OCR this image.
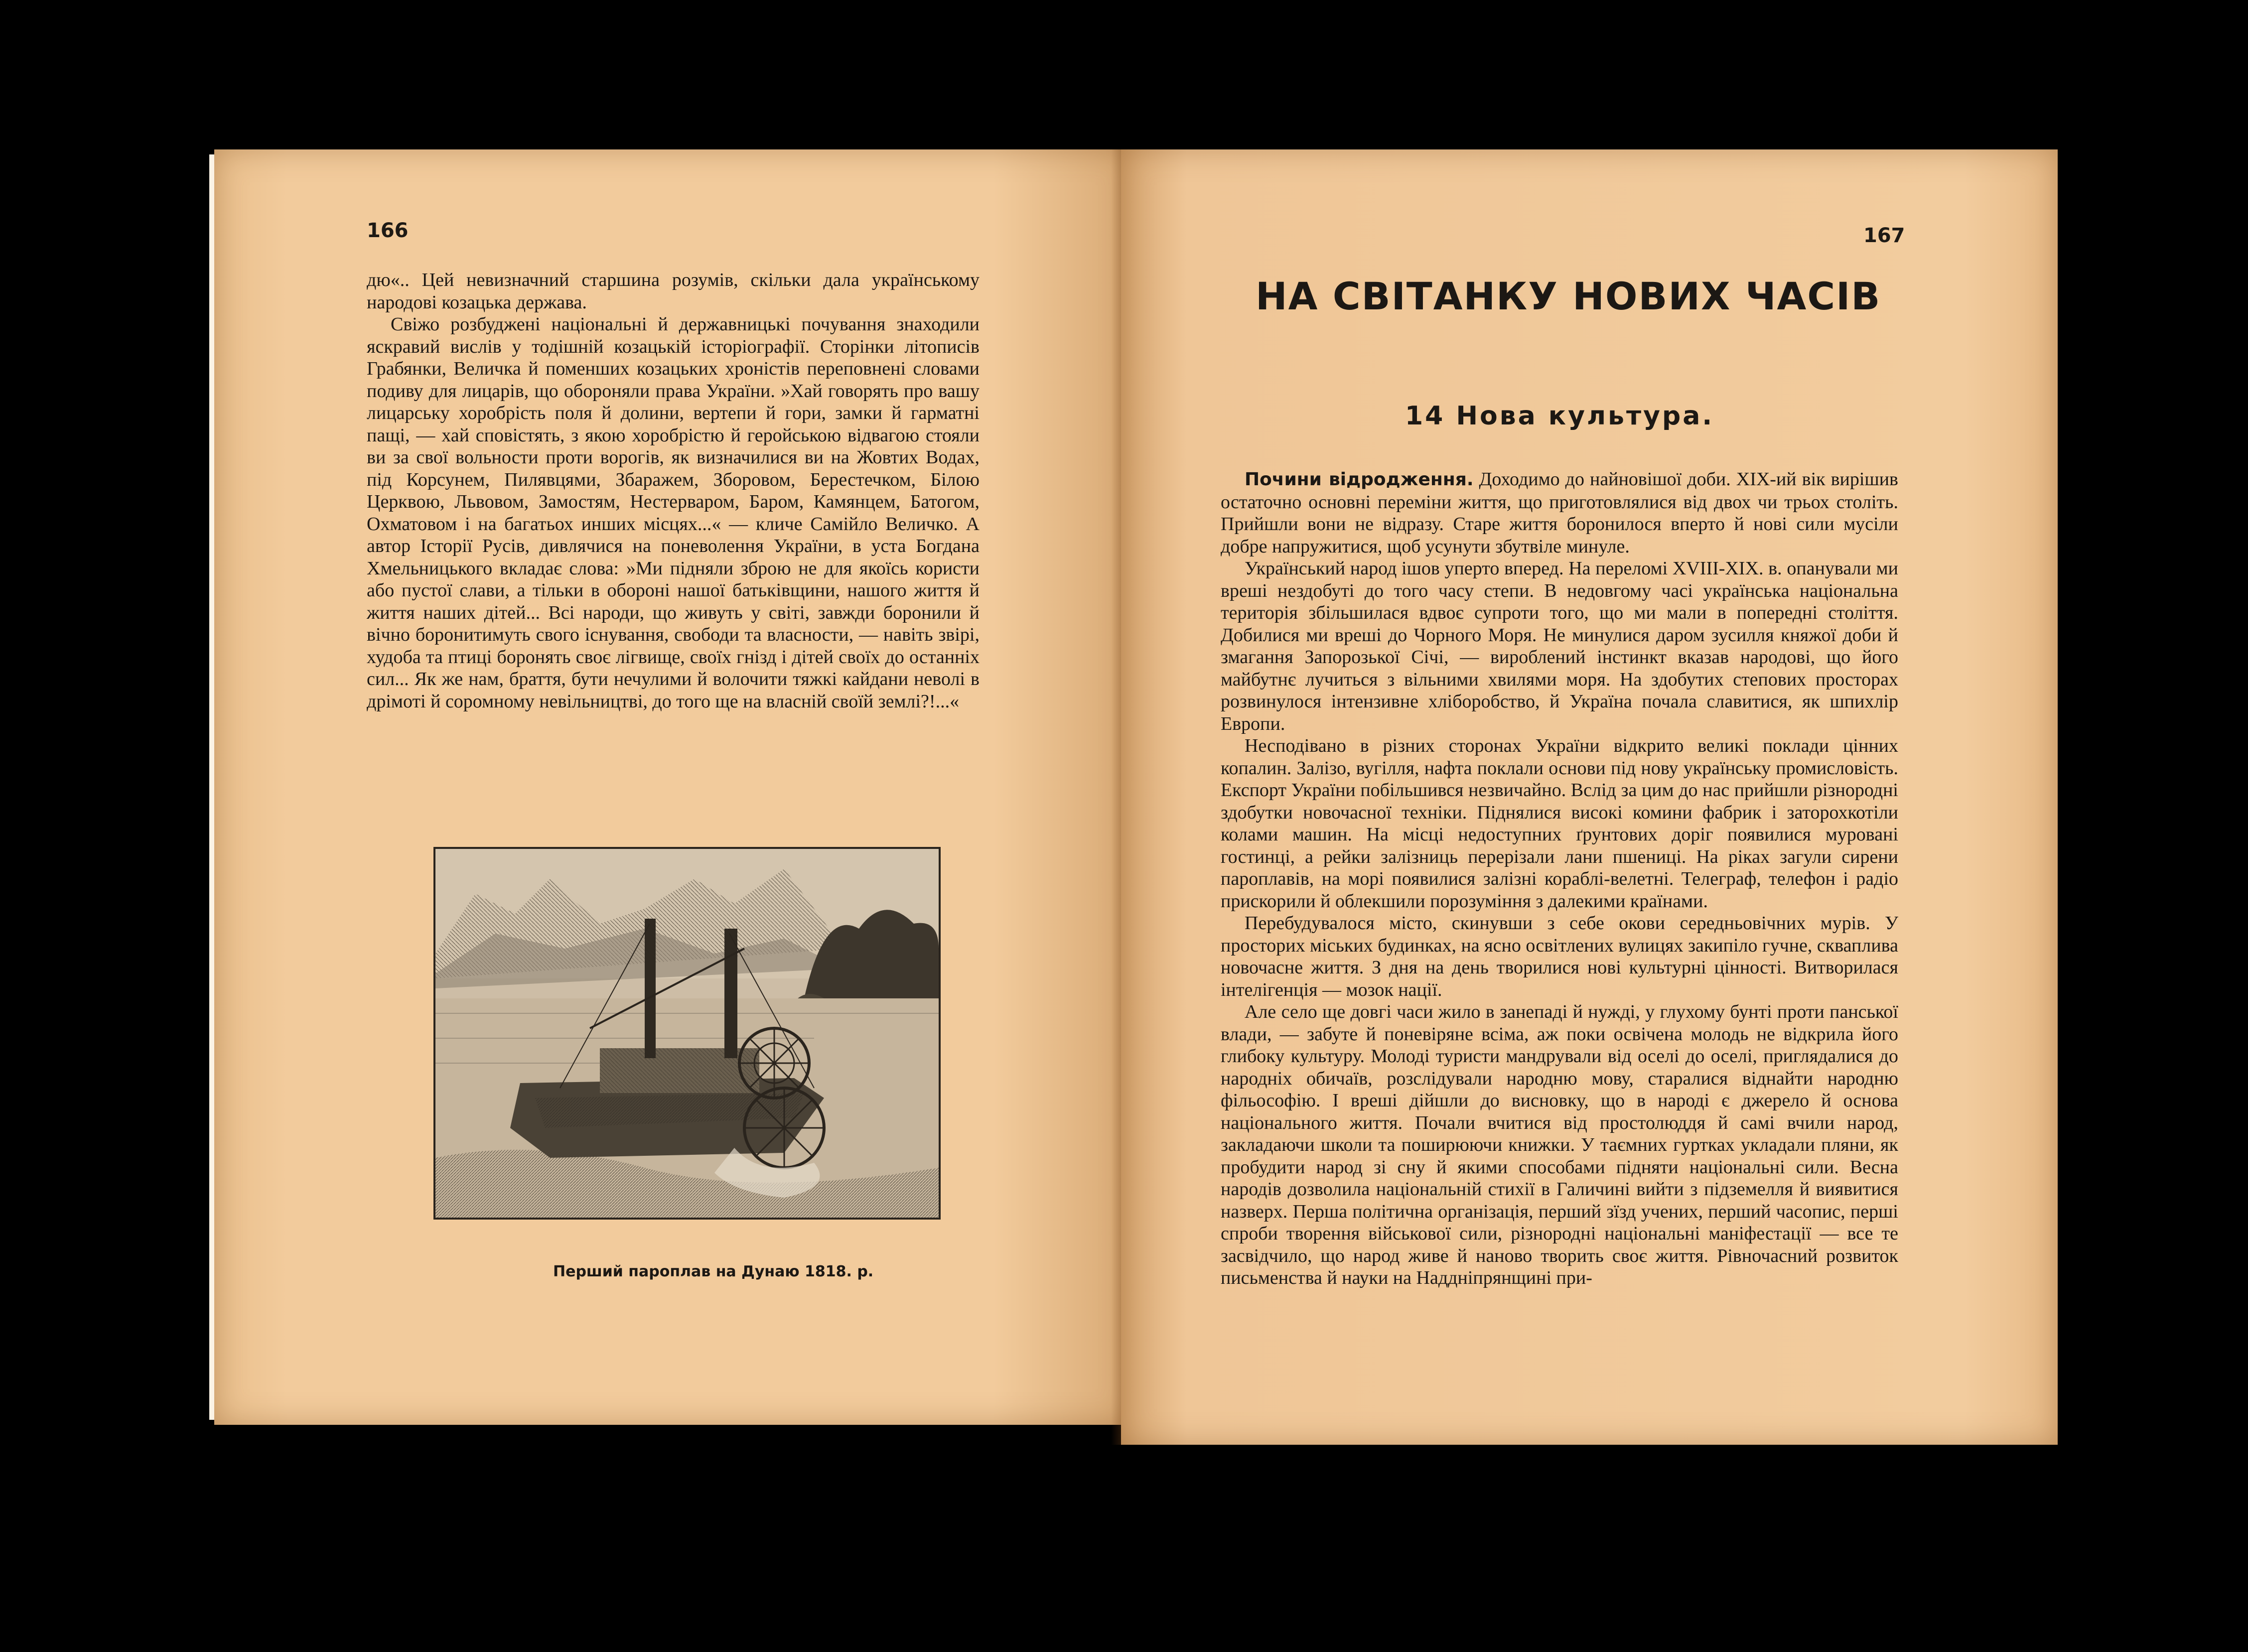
166

дю«.. Цей невизначний старшина розумів, скільки дала українському народові козацька держава.

Свіжо розбуджені національні й державницькі почування знаходили яскравий вислів у тодішній козацькій історіографії. Сторінки літописів Грабянки, Величка й поменших козацьких хроністів переповнені словами подиву для лицарів, що обороняли права України. »Хай говорять про вашу лицарську хоробрість поля й долини, вертепи й гори, замки й гарматні пащі, — хай сповістять, з якою хоробрістю й геройською відвагою стояли ви за свої вольности проти ворогів, як визначилися ви на Жовтих Водах, під Корсунем, Пилявцями, Збаражем, Зборовом, Берестечком, Білою Церквою, Львовом, Замостям, Нестерваром, Баром, Камянцем, Батогом, Охматовом і на багатьох инших місцях...« — кличе Самійло Величко. А автор Історії Русів, дивлячися на поневолення України, в уста Богдана Хмельницького вкладає слова: »Ми підняли зброю не для якоїсь користи або пустої слави, а тільки в обороні нашої батьківщини, нашого життя й життя наших дітей... Всі народи, що живуть у світі, завжди боронили й вічно боронитимуть свого існування, свободи та власности, — навіть звірі, худоба та птиці боронять своє лігвище, своїх гнізд і дітей своїх до останніх сил... Як же нам, браття, бути нечулими й волочити тяжкі кайдани неволі в дрімоті й соромному невільництві, до того ще на власній своїй землі?!...«

Перший пароплав на Дунаю 1818. р.
167
НА СВІТАНКУ НОВИХ ЧАСІВ
14 Нова культура.

Почини відродження. Доходимо до найновішої доби. XIX-ий вік вирішив остаточно основні переміни життя, що приготовлялися від двох чи трьох століть. Прийшли вони не відразу. Старе життя боронилося вперто й нові сили мусіли добре напружитися, щоб усунути збутвіле минуле.

Український народ ішов уперто вперед. На переломі XVIII-XIX. в. опанували ми вреші нездобуті до того часу степи. В недовгому часі українська національна територія збільшилася вдвоє супроти того, що ми мали в попередні століття. Добилися ми вреші до Чорного Моря. Не минулися даром зусилля княжої доби й змагання Запорозької Січі, — вироблений інстинкт вказав народові, що його майбутнє лучиться з вільними хвилями моря. На здобутих степових просторах розвинулося інтензивне хліборобство, й Україна почала славитися, як шпихлір Европи.

Несподівано в різних сторонах України відкрито великі поклади цінних копалин. Залізо, вугілля, нафта поклали основи під нову українську промисловість. Експорт України побільшився незвичайно. Вслід за цим до нас прийшли різнородні здобутки новочасної техніки. Піднялися високі комини фабрик і заторохкотіли колами машин. На місці недоступних ґрунтових доріг появилися муровані гостинці, а рейки залізниць перерізали лани пшениці. На ріках загули сирени пароплавів, на морі появилися залізні кораблі-велетні. Телеграф, телефон і радіо прискорили й облекшили порозуміння з далекими країнами.

Перебудувалося місто, скинувши з себе окови середньовічних мурів. У просторих міських будинках, на ясно освітлених вулицях закипіло гучне, скваплива новочасне життя. З дня на день творилися нові культурні цінності. Витворилася інтелігенція — мозок нації.

Але село ще довгі часи жило в занепаді й нужді, у глухому бунті проти панської влади, — забуте й поневіряне всіма, аж поки освічена молодь не відкрила його глибоку культуру. Молоді туристи мандрували від оселі до оселі, приглядалися до народніх обичаїв, розслідували народню мову, старалися віднайти народню фільософію. І вреші дійшли до висновку, що в народі є джерело й основа національного життя. Почали вчитися від простолюддя й самі вчили народ, закладаючи школи та поширюючи книжки. У таємних гуртках укладали пляни, як пробудити народ зі сну й якими способами підняти національні сили. Весна народів дозволила національній стихії в Галичині вийти з підземелля й виявитися назверх. Перша політична організація, перший зїзд учених, перший часопис, перші спроби творення військової сили, різнородні національні маніфестації — все те засвідчило, що народ живе й наново творить своє життя. Рівночасний розвиток письменства й науки на Наддніпрянщині при-
